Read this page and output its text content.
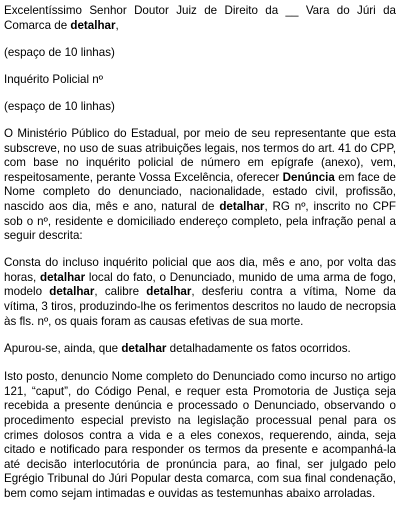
Excelentíssimo Senhor Doutor Juiz de Direito da __ Vara do Júri da Comarca de detalhar,

(espaço de 10 linhas)

Inquérito Policial nº

(espaço de 10 linhas)

O Ministério Público do Estadual, por meio de seu representante que esta subscreve, no uso de suas atribuições legais, nos termos do art. 41 do CPP, com base no inquérito policial de número em epígrafe (anexo), vem, respeitosamente, perante Vossa Excelência, oferecer Denúncia em face de Nome completo do denunciado, nacionalidade, estado civil, profissão, nascido aos dia, mês e ano, natural de detalhar, RG nº, inscrito no CPF sob o nº, residente e domiciliado endereço completo, pela infração penal a seguir descrita:

Consta do incluso inquérito policial que aos dia, mês e ano, por volta das horas, detalhar local do fato, o Denunciado, munido de uma arma de fogo, modelo detalhar, calibre detalhar, desferiu contra a vítima, Nome da vítima, 3 tiros, produzindo-lhe os ferimentos descritos no laudo de necropsia às fls. nº, os quais foram as causas efetivas de sua morte.

Apurou-se, ainda, que detalhar detalhadamente os fatos ocorridos.

Isto posto, denuncio Nome completo do Denunciado como incurso no artigo 121, “caput”, do Código Penal, e requer esta Promotoria de Justiça seja recebida a presente denúncia e processado o Denunciado, observando o procedimento especial previsto na legislação processual penal para os crimes dolosos contra a vida e a eles conexos, requerendo, ainda, seja citado e notificado para responder os termos da presente e acompanhá-la até decisão interlocutória de pronúncia para, ao final, ser julgado pelo Egrégio Tribunal do Júri Popular desta comarca, com sua final condenação, bem como sejam intimadas e ouvidas as testemunhas abaixo arroladas.
